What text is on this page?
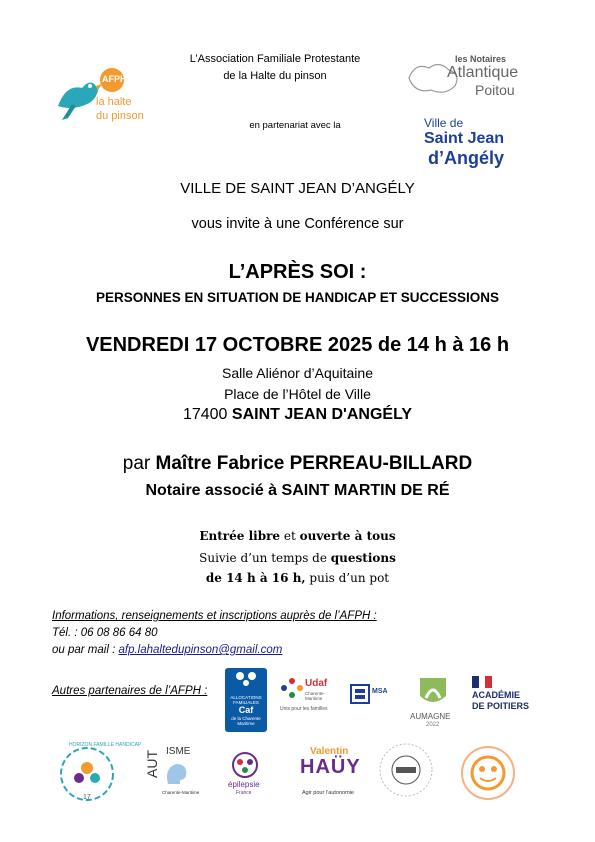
L’Association Familiale Protestante
de la Halte du pinson
en partenariat avec la
AFPH
la halte
du pinson
les Notaires
Atlantique
Poitou
Ville de
Saint Jean
d’Angély
VILLE DE SAINT JEAN D’ANGÉLY
vous invite à une Conférence sur
L’APRÈS SOI :
PERSONNES EN SITUATION DE HANDICAP ET SUCCESSIONS
VENDREDI 17 OCTOBRE 2025 de 14 h à 16 h
Salle Aliénor d’Aquitaine
Place de l’Hôtel de Ville
17400 SAINT JEAN D'ANGÉLY
par Maître Fabrice PERREAU-BILLARD
Notaire associé à SAINT MARTIN DE RÉ
Entrée libre et ouverte à tous
Suivie d’un temps de questions
de 14 h à 16 h, puis d’un pot
Informations, renseignements et inscriptions auprès de l’AFPH :
Tél. : 06 08 86 64 80
ou par mail : afp.lahaltedupinson@gmail.com
Autres partenaires de l’AFPH :
ALLOCATIONS
FAMILIALES
Caf
de la Charente
Maritime
Udaf
Charente-Maritime
Unis pour les familles
MSA
AUMAGNE
2022
ACADÉMIE
DE POITIERS
HORIZON FAMILLE HANDICAP
17
AUT ISME
Charente-Maritime
épilepsie
France
Valentin
HAÜY
Agir pour l’autonomie
